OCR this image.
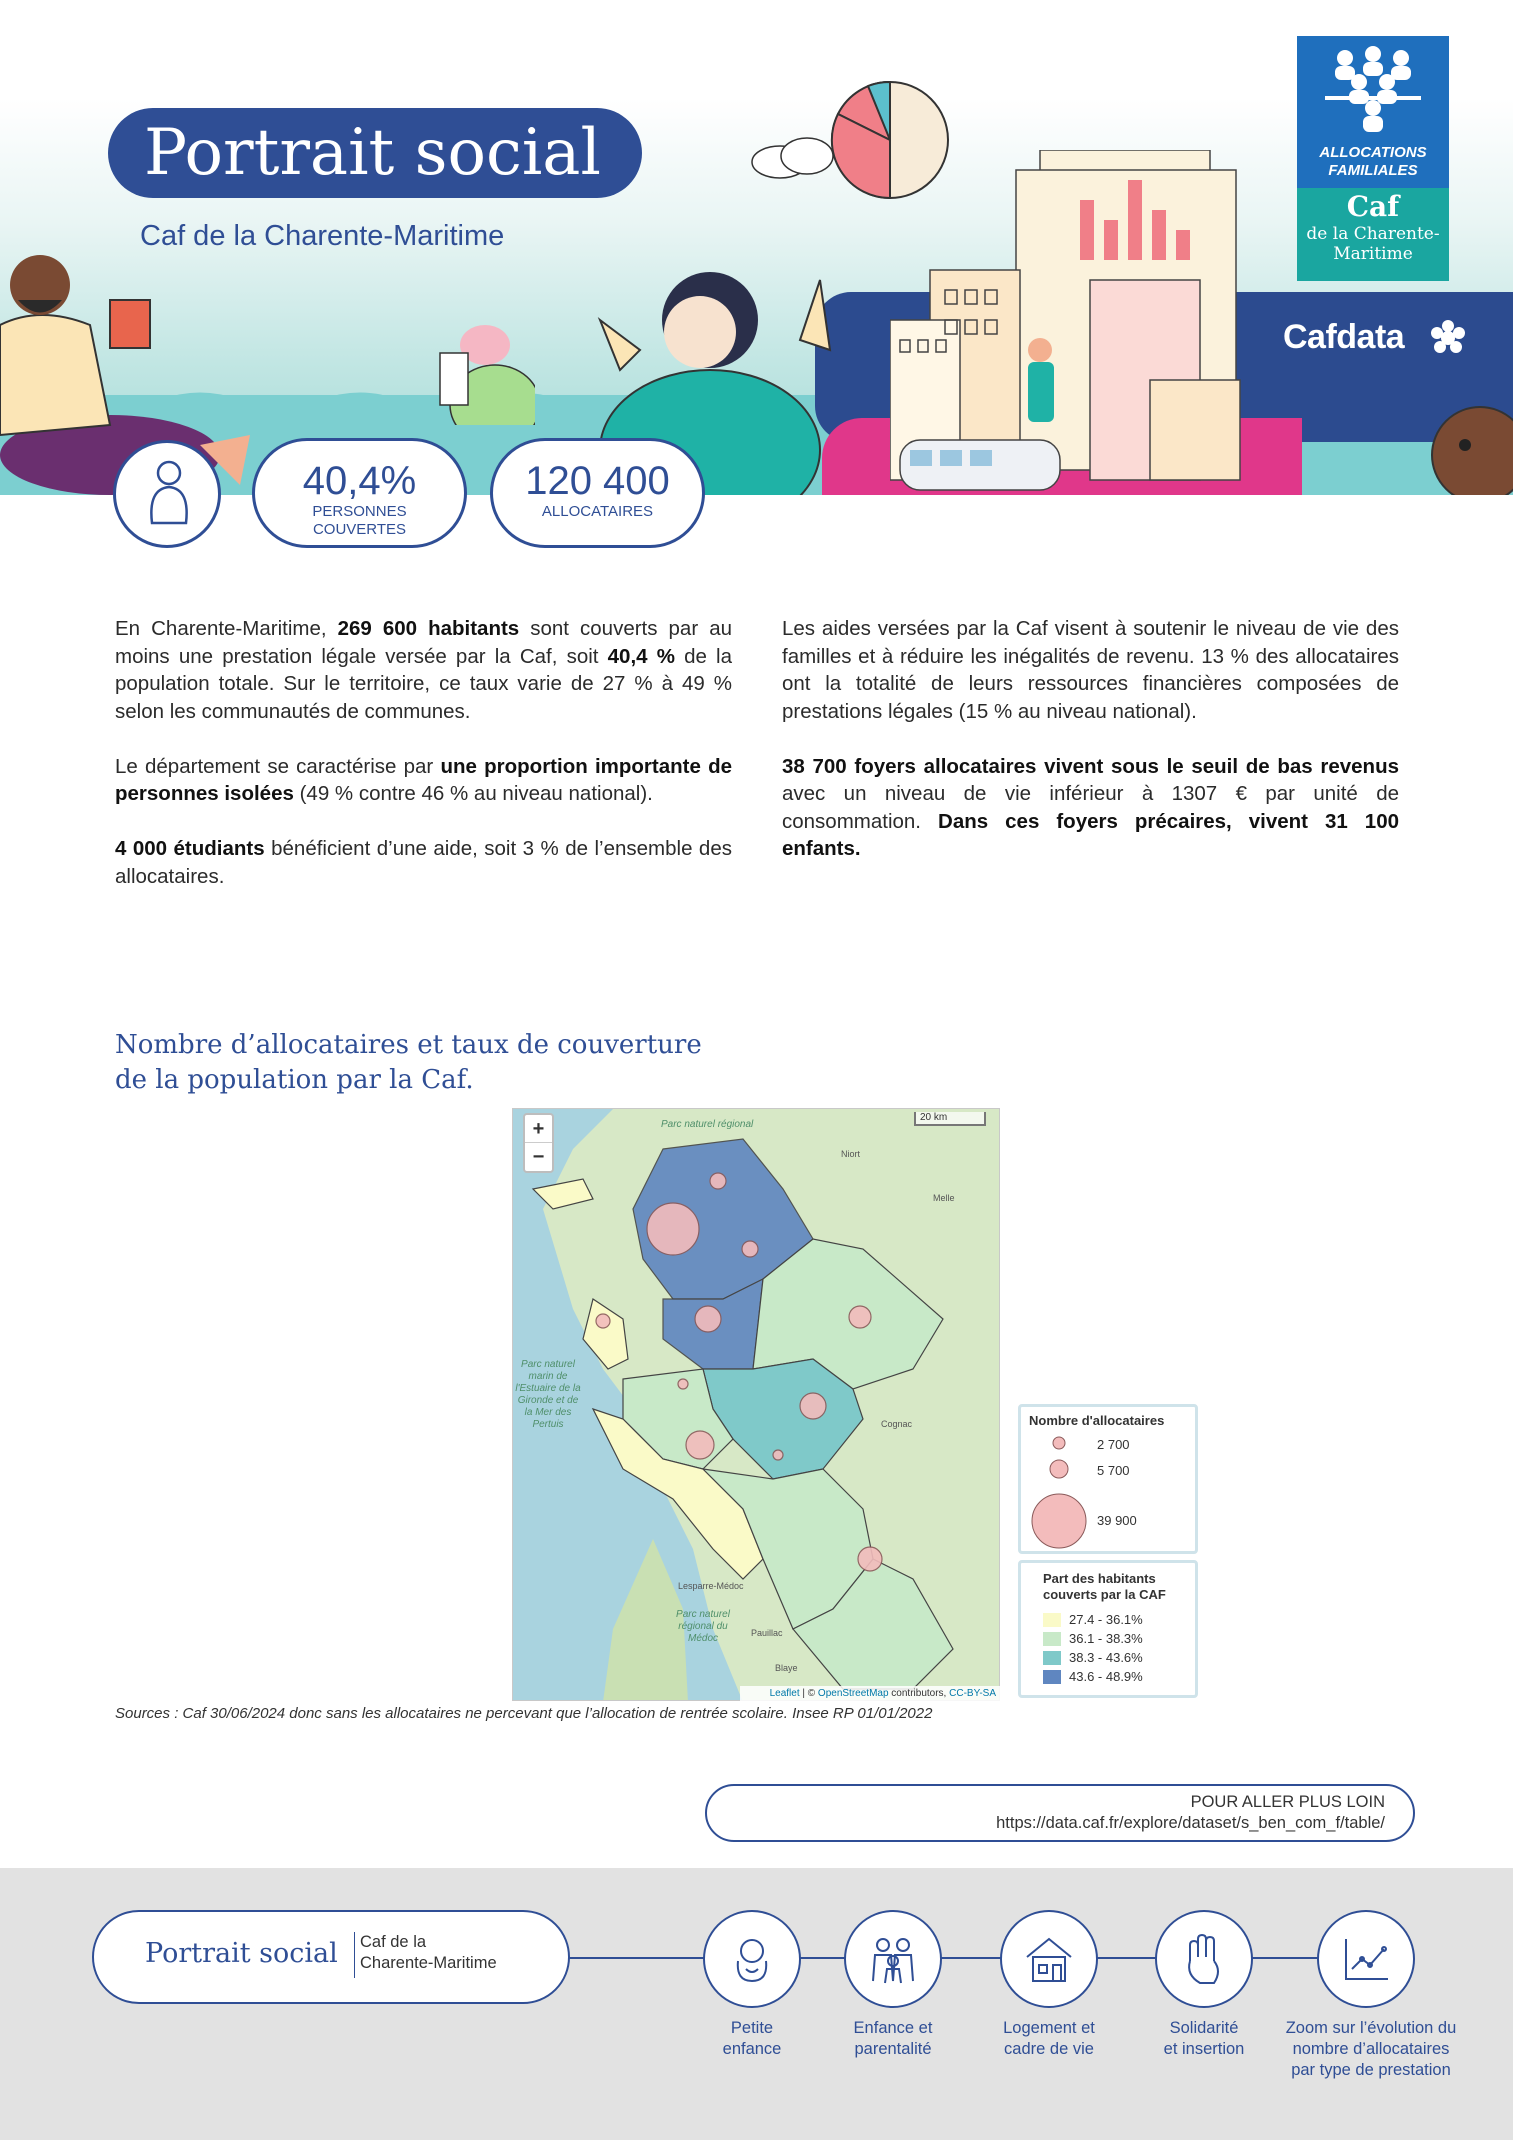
Portrait social
Caf de la Charente-Maritime
Cafdata
ALLOCATIONS
FAMILIALES
Caf
de la Charente-
Maritime
40,4%
PERSONNES
COUVERTES
120 400
ALLOCATAIRES

En Charente-Maritime, 269 600 habitants sont couverts par au moins une prestation légale versée par la Caf, soit 40,4 % de la population totale. Sur le territoire, ce taux varie de 27 % à 49 % selon les communautés de communes.

Le département se caractérise par une proportion importante de personnes isolées (49 % contre 46 % au niveau national).

4 000 étudiants bénéficient d’une aide, soit 3 % de l’ensemble des allocataires.

Les aides versées par la Caf visent à soutenir le niveau de vie des familles et à réduire les inégalités de revenu. 13 % des allocataires ont la totalité de leurs ressources financières composées de prestations légales (15 % au niveau national).

38 700 foyers allocataires vivent sous le seuil de bas revenus avec un niveau de vie inférieur à 1307 € par unité de consommation. Dans ces foyers précaires, vivent 31 100 enfants.

Nombre d’allocataires et taux de couverture
de la population par la Caf.
Niort
Melle
Cognac
Lesparre-Médoc
Pauillac
Blaye
Parc naturel régional
Parc naturel marin de l'Estuaire de la Gironde et de la Mer des Pertuis
Parc naturel régional du Médoc
+
−
20 km
Leaflet | © OpenStreetMap contributors, CC-BY-SA
Nombre d'allocataires
2 700
5 700
39 900
Part des habitants couverts par la CAF
27.4 - 36.1%
36.1 - 38.3%
38.3 - 43.6%
43.6 - 48.9%
Sources : Caf 30/06/2024 donc sans les allocataires ne percevant que l’allocation de rentrée scolaire. Insee RP 01/01/2022
POUR ALLER PLUS LOIN
https://data.caf.fr/explore/dataset/s_ben_com_f/table/
Portrait social Caf de la
Charente-Maritime
Petite
enfance
Enfance et
parentalité
Logement et
cadre de vie
Solidarité
et insertion
Zoom sur l’évolution du
nombre d’allocataires
par type de prestation
